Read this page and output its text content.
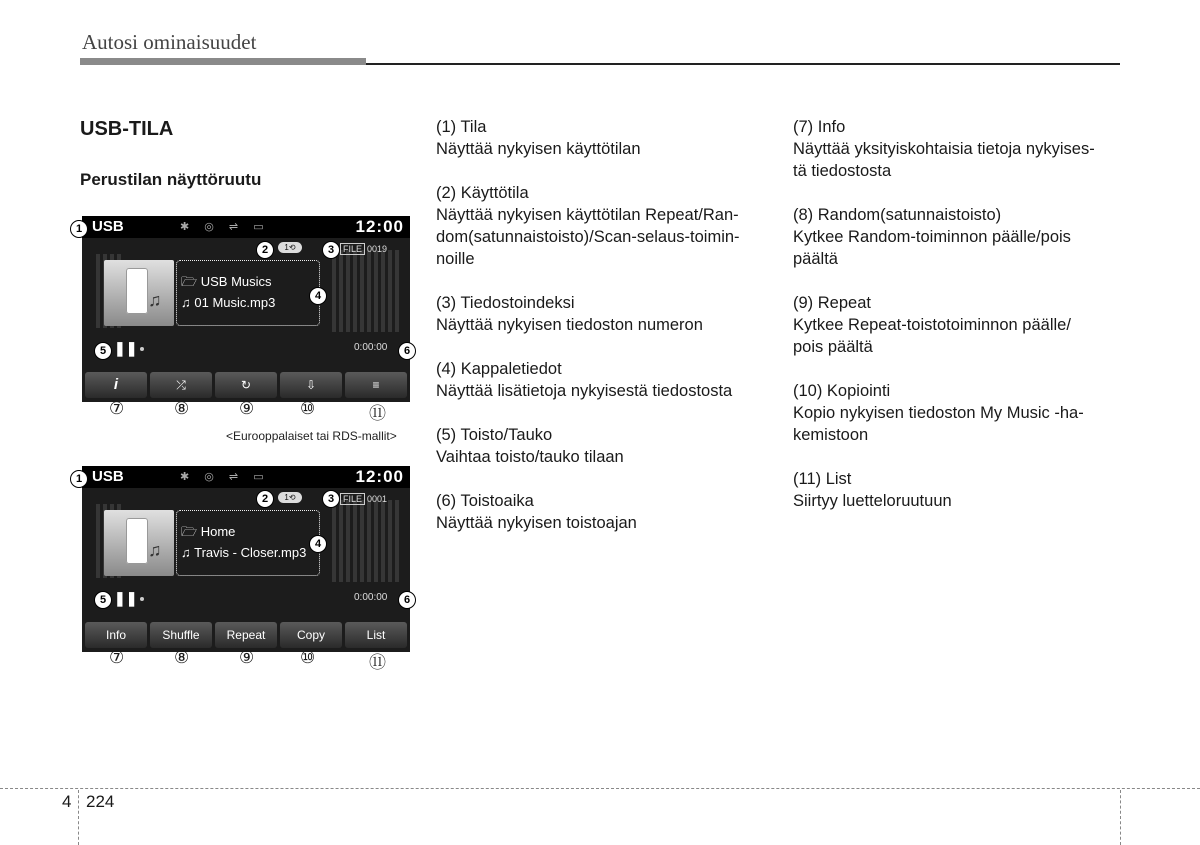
Autosi ominaisuudet
USB-TILA
Perustilan näyttöruutu
USB	✱ ◎ ⇌ ▭	12:00
1⟲	FILE 0019
♫
🗁 USB Musics
♫ 01 Music.mp3
❚❚	0:00:00
i	⤮	↻	⇩	≡
1
2	3
4
5	6
⑦	⑧	⑨	⑩	⑪
<Eurooppalaiset tai RDS-mallit>
USB	✱ ◎ ⇌ ▭	12:00
1⟲	FILE 0001
♫
🗁 Home
♫ Travis - Closer.mp3
❚❚	0:00:00
Info	Shuffle	Repeat	Copy	List
1
2	3
4
5	6
⑦	⑧	⑨	⑩	⑪

(1) Tila

Näyttää nykyisen käyttötilan

(2) Käyttötila

Näyttää nykyisen käyttötilan Repeat/Ran-

dom(satunnaistoisto)/Scan-selaus-toimin-

noille

(3) Tiedostoindeksi

Näyttää nykyisen tiedoston numeron

(4) Kappaletiedot

Näyttää lisätietoja nykyisestä tiedostosta

(5) Toisto/Tauko

Vaihtaa toisto/tauko tilaan

(6) Toistoaika

Näyttää nykyisen toistoajan

(7) Info

Näyttää yksityiskohtaisia tietoja nykyises-

tä tiedostosta

(8) Random(satunnaistoisto)

Kytkee Random-toiminnon päälle/pois

päältä

(9) Repeat

Kytkee Repeat-toistotoiminnon päälle/

pois päältä

(10) Kopiointi

Kopio nykyisen tiedoston My Music -ha-

kemistoon

(11) List

Siirtyy luetteloruutuun

4 224
